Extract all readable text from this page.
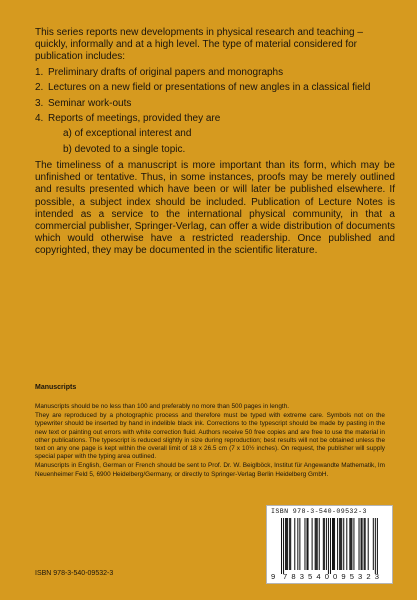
This series reports new developments in physical research and teaching – quickly, informally and at a high level. The type of material considered for publication includes:

1. Preliminary drafts of original papers and monographs
2. Lectures on a new field or presentations of new angles in a classical field
3. Seminar work-outs
4. Reports of meetings, provided they are
a) of exceptional interest and
b) devoted to a single topic.

The timeliness of a manuscript is more important than its form, which may be unfinished or tentative. Thus, in some instances, proofs may be merely outlined and results presented which have been or will later be published elsewhere. If possible, a subject index should be included. Publication of Lecture Notes is intended as a service to the international physical community, in that a commercial publisher, Springer-Verlag, can offer a wide distribution of documents which would otherwise have a restricted readership. Once published and copyrighted, they may be documented in the scientific literature.

Manuscripts

Manuscripts should be no less than 100 and preferably no more than 500 pages in length.

They are reproduced by a photographic process and therefore must be typed with extreme care. Symbols not on the typewriter should be inserted by hand in indelible black ink. Corrections to the typescript should be made by pasting in the new text or painting out errors with white correction fluid. Authors receive 50 free copies and are free to use the material in other publications. The typescript is reduced slightly in size during reproduction; best results will not be obtained unless the text on any one page is kept within the overall limit of 18 x 26.5 cm (7 x 10½ inches). On request, the publisher will supply special paper with the typing area outlined.

Manuscripts in English, German or French should be sent to Prof. Dr. W. Beiglböck, Institut für Angewandte Mathematik, Im Neuenheimer Feld 5, 6900 Heidelberg/Germany, or directly to Springer-Verlag Berlin Heidelberg GmbH.

ISBN 978-3-540-09532-3	9 783540 095323
ISBN 978-3-540-09532-3
